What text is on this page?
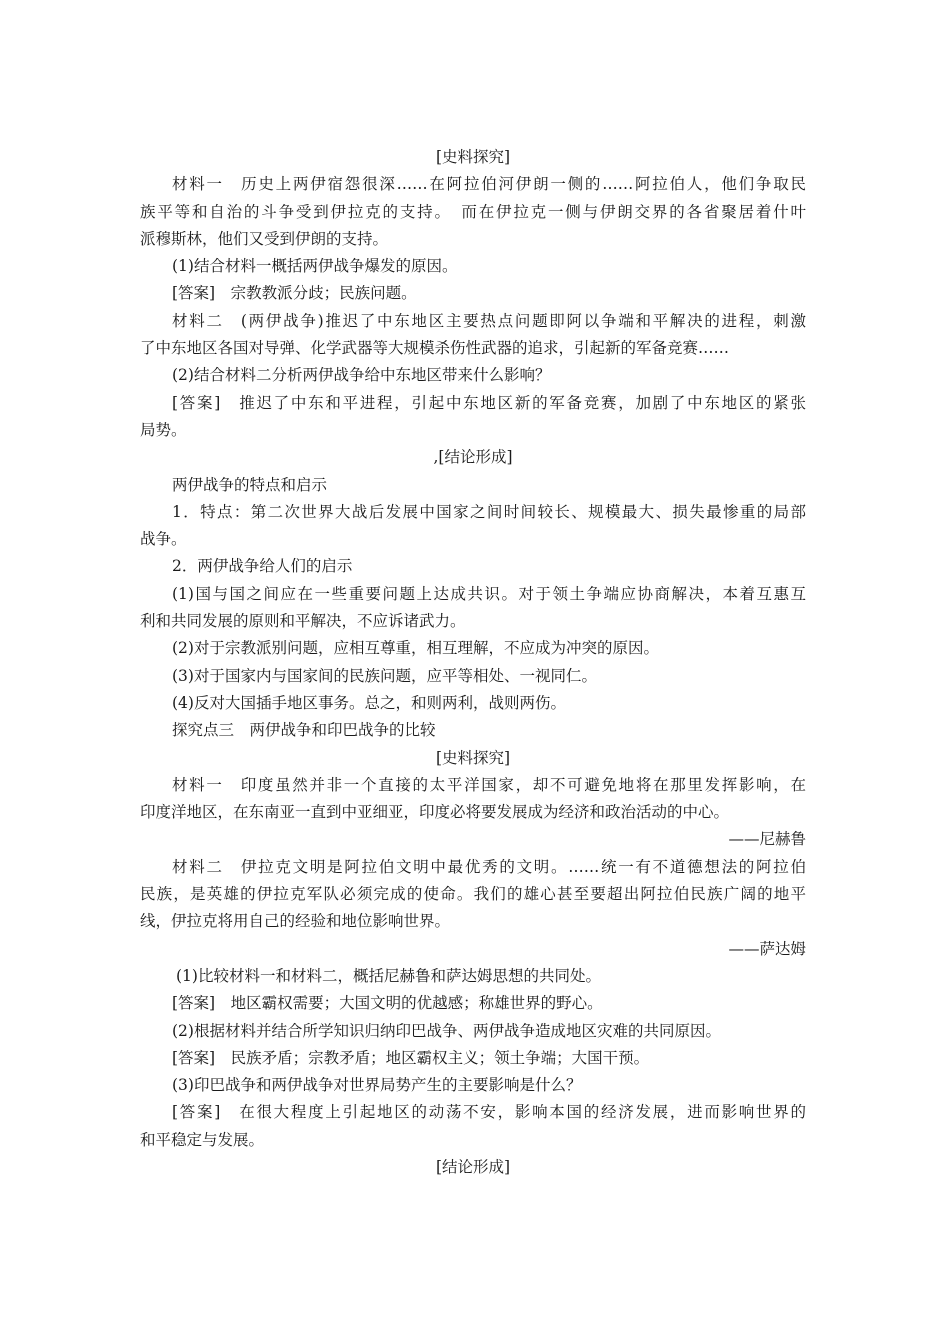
[史料探究]
材料一　历史上两伊宿怨很深……在阿拉伯河伊朗一侧的……阿拉伯人，他们争取民
族平等和自治的斗争受到伊拉克的支持。　而在伊拉克一侧与伊朗交界的各省聚居着什叶
派穆斯林，他们又受到伊朗的支持。
(1)结合材料一概括两伊战争爆发的原因。
[答案]　宗教教派分歧；民族问题。
材料二　(两伊战争)推迟了中东地区主要热点问题即阿以争端和平解决的进程，刺激
了中东地区各国对导弹、化学武器等大规模杀伤性武器的追求，引起新的军备竞赛……
(2)结合材料二分析两伊战争给中东地区带来什么影响？
[答案]　推迟了中东和平进程，引起中东地区新的军备竞赛，加剧了中东地区的紧张
局势。
,[结论形成]
两伊战争的特点和启示
1．特点：第二次世界大战后发展中国家之间时间较长、规模最大、损失最惨重的局部
战争。
2．两伊战争给人们的启示
(1)国与国之间应在一些重要问题上达成共识。对于领土争端应协商解决，本着互惠互
利和共同发展的原则和平解决，不应诉诸武力。
(2)对于宗教派别问题，应相互尊重，相互理解，不应成为冲突的原因。
(3)对于国家内与国家间的民族问题，应平等相处、一视同仁。
(4)反对大国插手地区事务。总之，和则两利，战则两伤。
探究点三　两伊战争和印巴战争的比较
[史料探究]
材料一　印度虽然并非一个直接的太平洋国家，却不可避免地将在那里发挥影响，在
印度洋地区，在东南亚一直到中亚细亚，印度必将要发展成为经济和政治活动的中心。
——尼赫鲁
材料二　伊拉克文明是阿拉伯文明中最优秀的文明。……统一有不道德想法的阿拉伯
民族，是英雄的伊拉克军队必须完成的使命。我们的雄心甚至要超出阿拉伯民族广阔的地平
线，伊拉克将用自己的经验和地位影响世界。
——萨达姆
(1)比较材料一和材料二，概括尼赫鲁和萨达姆思想的共同处。
[答案]　地区霸权需要；大国文明的优越感；称雄世界的野心。
(2)根据材料并结合所学知识归纳印巴战争、两伊战争造成地区灾难的共同原因。
[答案]　民族矛盾；宗教矛盾；地区霸权主义；领土争端；大国干预。
(3)印巴战争和两伊战争对世界局势产生的主要影响是什么？
[答案]　在很大程度上引起地区的动荡不安，影响本国的经济发展，进而影响世界的
和平稳定与发展。
[结论形成]
